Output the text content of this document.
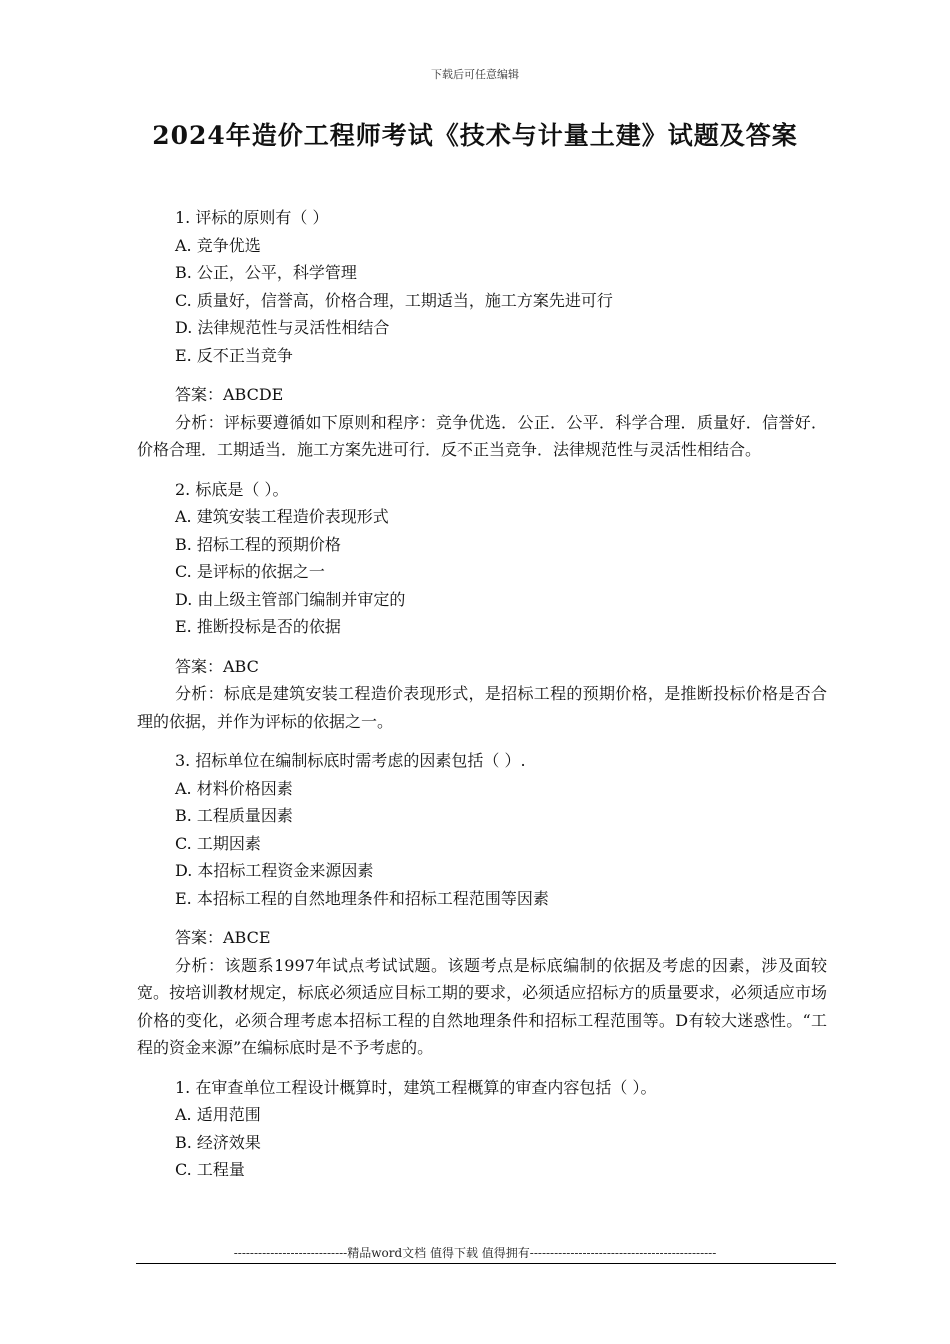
下载后可任意编辑
2024年造价工程师考试《技术与计量土建》试题及答案
1. 评标的原则有（ ）
A. 竞争优选
B. 公正，公平，科学管理
C. 质量好，信誉高，价格合理，工期适当，施工方案先进可行
D. 法律规范性与灵活性相结合
E. 反不正当竞争
答案：ABCDE
分析：评标要遵循如下原则和程序：竞争优选．公正．公平．科学合理．质量好．信誉好．价格合理．工期适当．施工方案先进可行．反不正当竞争．法律规范性与灵活性相结合。
2. 标底是（ ）。
A. 建筑安装工程造价表现形式
B. 招标工程的预期价格
C. 是评标的依据之一
D. 由上级主管部门编制并审定的
E. 推断投标是否的依据
答案：ABC
分析：标底是建筑安装工程造价表现形式，是招标工程的预期价格，是推断投标价格是否合理的依据，并作为评标的依据之一。
3. 招标单位在编制标底时需考虑的因素包括（ ）.
A. 材料价格因素
B. 工程质量因素
C. 工期因素
D. 本招标工程资金来源因素
E. 本招标工程的自然地理条件和招标工程范围等因素
答案：ABCE
分析：该题系1997年试点考试试题。该题考点是标底编制的依据及考虑的因素，涉及面较宽。按培训教材规定，标底必须适应目标工期的要求，必须适应招标方的质量要求，必须适应市场价格的变化，必须合理考虑本招标工程的自然地理条件和招标工程范围等。D有较大迷惑性。“工程的资金来源”在编标底时是不予考虑的。
1. 在审查单位工程设计概算时，建筑工程概算的审查内容包括（ ）。
A. 适用范围
B. 经济效果
C. 工程量
----------------------------精品word文档 值得下载 值得拥有----------------------------------------------
